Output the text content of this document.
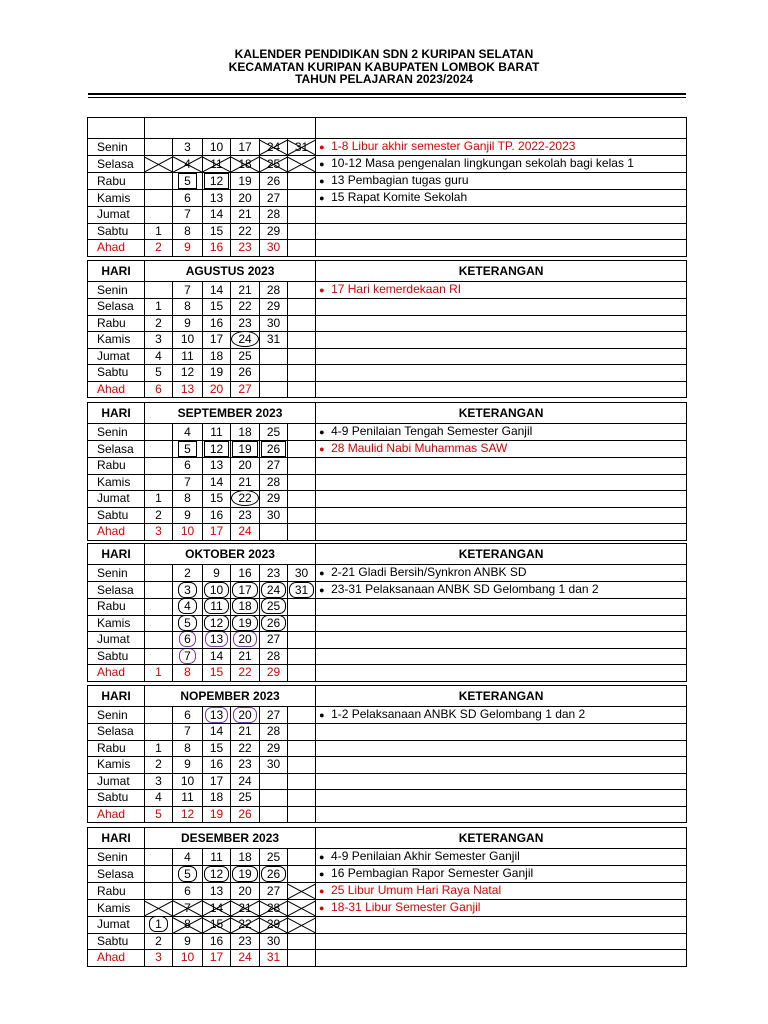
KALENDER PENDIDIKAN SDN 2 KURIPAN SELATAN
KECAMATAN KURIPAN KABUPATEN LOMBOK BARAT
TAHUN PELAJARAN 2023/2024

Senin		3	10	17	24	31	● 1-8 Libur akhir semester Ganjil TP. 2022-2023
Selasa		4	11	18	25		● 10-12 Masa pengenalan lingkungan sekolah bagi kelas 1
Rabu		5	12	19	26		● 13 Pembagian tugas guru
Kamis		6	13	20	27		● 15 Rapat Komite Sekolah
Jumat		7	14	21	28		
Sabtu	1	8	15	22	29		
Ahad	2	9	16	23	30		
HARI	AGUSTUS 2023						KETERANGAN
Senin		7	14	21	28		● 17 Hari kemerdekaan RI
Selasa	1	8	15	22	29		
Rabu	2	9	16	23	30		
Kamis	3	10	17	24	31		
Jumat	4	11	18	25			
Sabtu	5	12	19	26			
Ahad	6	13	20	27			
HARI	SEPTEMBER 2023						KETERANGAN
Senin		4	11	18	25		● 4-9 Penilaian Tengah Semester Ganjil
Selasa		5	12	19	26		● 28 Maulid Nabi Muhammas SAW
Rabu		6	13	20	27		
Kamis		7	14	21	28		
Jumat	1	8	15	22	29		
Sabtu	2	9	16	23	30		
Ahad	3	10	17	24			
HARI	OKTOBER 2023						KETERANGAN
Senin		2	9	16	23	30	● 2-21 Gladi Bersih/Synkron ANBK SD
Selasa		3	10	17	24	31	● 23-31 Pelaksanaan ANBK SD Gelombang 1 dan 2
Rabu		4	11	18	25		
Kamis		5	12	19	26		
Jumat		6	13	20	27		
Sabtu		7	14	21	28		
Ahad	1	8	15	22	29		
HARI	NOPEMBER 2023						KETERANGAN
Senin		6	13	20	27		● 1-2 Pelaksanaan ANBK SD Gelombang 1 dan 2
Selasa		7	14	21	28		
Rabu	1	8	15	22	29		
Kamis	2	9	16	23	30		
Jumat	3	10	17	24			
Sabtu	4	11	18	25			
Ahad	5	12	19	26			
HARI	DESEMBER 2023						KETERANGAN
Senin		4	11	18	25		● 4-9 Penilaian Akhir Semester Ganjil
Selasa		5	12	19	26		● 16 Pembagian Rapor Semester Ganjil
Rabu		6	13	20	27		● 25 Libur Umum Hari Raya Natal
Kamis		7	14	21	28		● 18-31 Libur Semester Ganjil
Jumat	1	8	15	22	29		
Sabtu	2	9	16	23	30		
Ahad	3	10	17	24	31		
